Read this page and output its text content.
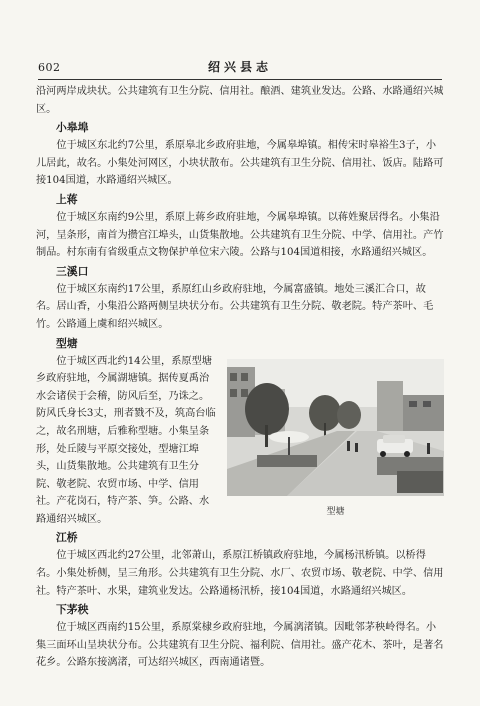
602	绍兴县志

沿河两岸成块状。公共建筑有卫生分院、信用社。酿酒、建筑业发达。公路、水路通绍兴城区。

小皋埠

位于城区东北约7公里，系原皋北乡政府驻地，今属皋埠镇。相传宋时皋裕生3子，小儿居此，故名。小集处河网区，小块状散布。公共建筑有卫生分院、信用社、饭店。陆路可接104国道，水路通绍兴城区。

上蒋

位于城区东南约9公里，系原上蒋乡政府驻地，今属皋埠镇。以蒋姓聚居得名。小集沿河，呈条形，南首为攒宫江埠头，山货集散地。公共建筑有卫生分院、中学、信用社。产竹制品。村东南有省级重点文物保护单位宋六陵。公路与104国道相接，水路通绍兴城区。

三溪口

位于城区东南约17公里，系原红山乡政府驻地，今属富盛镇。地处三溪汇合口，故名。居山香，小集沿公路两侧呈块状分布。公共建筑有卫生分院、敬老院。特产茶叶、毛竹。公路通上虞和绍兴城区。

型塘
型塘

位于城区西北约14公里，系原型塘乡政府驻地，今属湖塘镇。据传夏禹治水会诸侯于会稽，防风后至，乃诛之。防风氏身长3丈，刑者戮不及，筑高台临之，故名刑塘，后雅称型塘。小集呈条形，处丘陵与平原交接处，型塘江埠头，山货集散地。公共建筑有卫生分院、敬老院、农贸市场、中学、信用社。产花岗石，特产茶、笋。公路、水路通绍兴城区。

江桥

位于城区西北约27公里，北邻萧山，系原江桥镇政府驻地，今属杨汛桥镇。以桥得名。小集处桥侧，呈三角形。公共建筑有卫生分院、水厂、农贸市场、敬老院、中学、信用社。特产茶叶、水果，建筑业发达。公路通杨汛桥，接104国道，水路通绍兴城区。

下茅秧

位于城区西南约15公里，系原棠棣乡政府驻地，今属漓渚镇。因毗邻茅秧岭得名。小集三面环山呈块状分布。公共建筑有卫生分院、福利院、信用社。盛产花木、茶叶，是著名花乡。公路东接漓渚，可达绍兴城区，西南通诸暨。
